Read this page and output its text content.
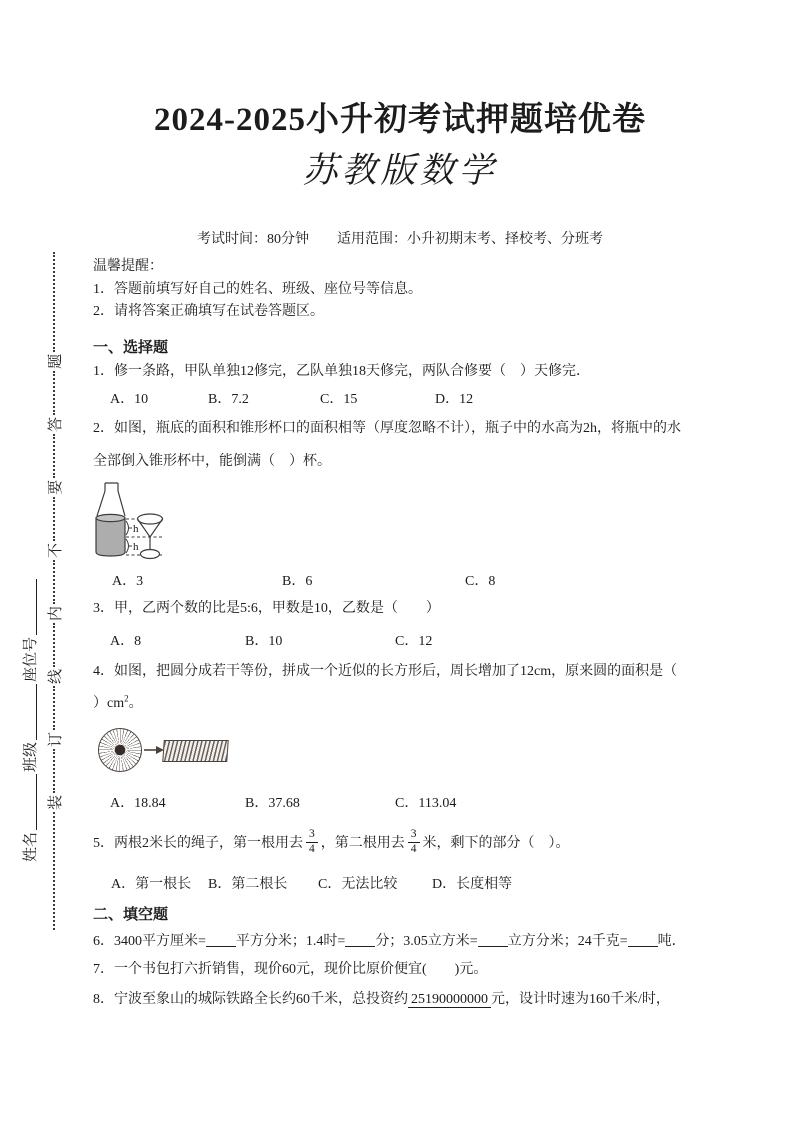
姓名
班级
座位号
装
订
线
内
不
要
答
题
2024-2025小升初考试押题培优卷
苏教版数学
考试时间：80分钟 适用范围：小升初期末考、择校考、分班考
温馨提醒：
1．答题前填写好自己的姓名、班级、座位号等信息。
2．请将答案正确填写在试卷答题区。
一、选择题
1．修一条路，甲队单独12修完，乙队单独18天修完，两队合修要（　）天修完．
A．10	B．7.2	C．15	D．12
2．如图，瓶底的面积和锥形杯口的面积相等（厚度忽略不计），瓶子中的水高为2h，将瓶中的水
全部倒入锥形杯中，能倒满（　）杯。
h
h
A．3	B．6	C．8
3．甲，乙两个数的比是5:6，甲数是10，乙数是（　　）
A．8	B．10	C．12
4．如图，把圆分成若干等份，拼成一个近似的长方形后，周长增加了12cm，原来圆的面积是（
）$cm^2$。
A．18.84	B．37.68	C．113.04
5．两根2米长的绳子，第一根用去 $\frac{3}{4}$ ，第二根用去 $\frac{3}{4}$ 米，剩下的部分（　）。
A．第一根长 B．第二根长 C．无法比较 D．长度相等
二、填空题
6．3400平方厘米= 平方分米；1.4时= 分；3.05立方米= 立方分米；24千克= 吨．
7．一个书包打六折销售，现价60元，现价比原价便宜(　　)元。
8．宁波至象山的城际铁路全长约60千米，总投资约 25190000000 元，设计时速为160千米/时，
